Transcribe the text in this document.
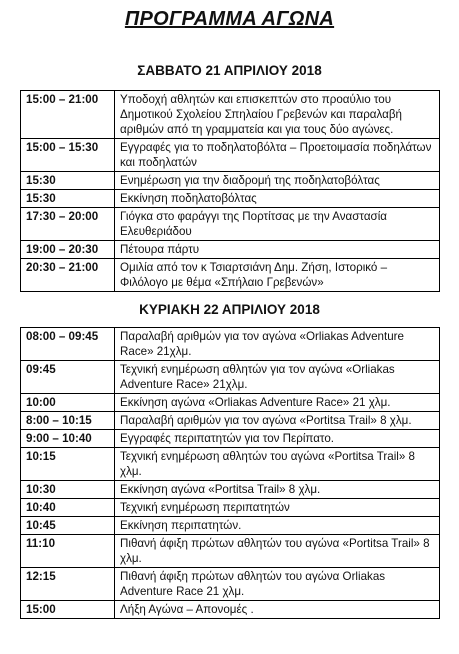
ΠΡΟΓΡΑΜΜΑ ΑΓΩΝΑ
ΣΑΒΒΑΤΟ 21 ΑΠΡΙΛΙΟΥ 2018
15:00 – 21:00	Υποδοχή αθλητών και επισκεπτών στο προαύλιο του Δημοτικού Σχολείου Σπηλαίου Γρεβενών και παραλαβή αριθμών από τη γραμματεία και για τους δύο αγώνες.
15:00 – 15:30	Εγγραφές για το ποδηλατοβόλτα – Προετοιμασία ποδηλάτων και ποδηλατών
15:30	Ενημέρωση για την διαδρομή της ποδηλατοβόλτας
15:30	Εκκίνηση ποδηλατοβόλτας
17:30 – 20:00	Γιόγκα στο φαράγγι της Πορτίτσας με την Αναστασία Ελευθεριάδου
19:00 – 20:30	Πέτουρα πάρτυ
20:30 – 21:00	Ομιλία από τον κ Τσιαρτσιάνη Δημ. Ζήση, Ιστορικό – Φιλόλογο με θέμα «Σπήλαιο Γρεβενών»
ΚΥΡΙΑΚΗ 22 ΑΠΡΙΛΙΟΥ 2018
08:00 – 09:45	Παραλαβή αριθμών για τον αγώνα «Orliakas Adventure Race» 21χλμ.
09:45	Τεχνική ενημέρωση αθλητών για τον αγώνα «Orliakas Adventure Race» 21χλμ.
10:00	Εκκίνηση αγώνα «Orliakas Adventure Race» 21 χλμ.
8:00 – 10:15	Παραλαβή αριθμών για τον αγώνα «Portitsa Trail» 8 χλμ.
9:00 – 10:40	Εγγραφές περιπατητών για τον Περίπατο.
10:15	Τεχνική ενημέρωση αθλητών του αγώνα «Portitsa Trail» 8 χλμ.
10:30	Εκκίνηση αγώνα «Portitsa Trail» 8 χλμ.
10:40	Τεχνική ενημέρωση περιπατητών
10:45	Εκκίνηση περιπατητών.
11:10	Πιθανή άφιξη πρώτων αθλητών του αγώνα «Portitsa Trail» 8 χλμ.
12:15	Πιθανή άφιξη πρώτων αθλητών του αγώνα Orliakas Adventure Race 21 χλμ.
15:00	Λήξη Αγώνα – Απονομές .
